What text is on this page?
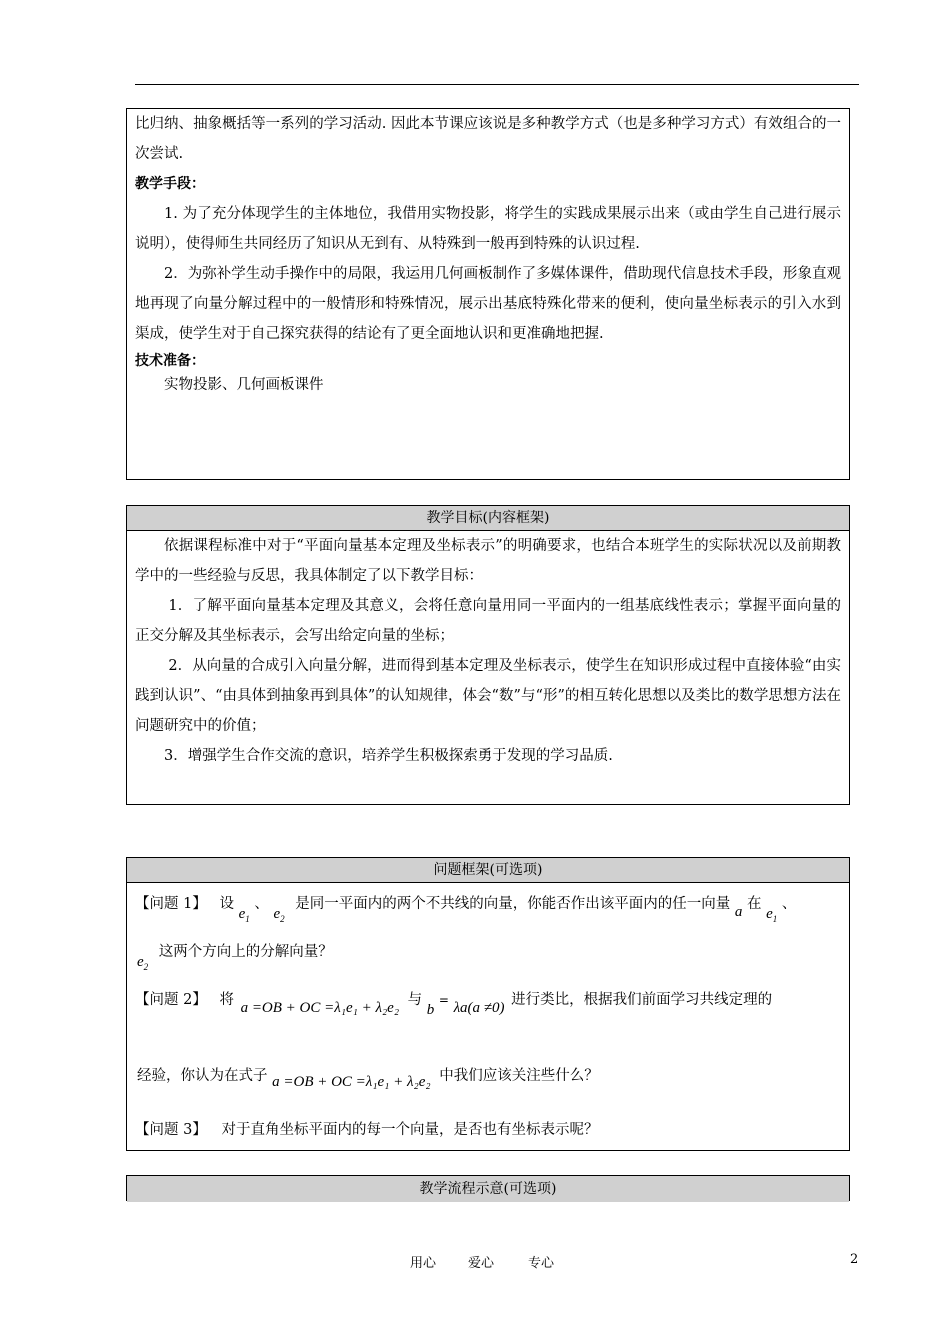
比归纳、抽象概括等一系列的学习活动. 因此本节课应该说是多种教学方式（也是多种学习方式）有效组合的一次尝试.

教学手段：

1. 为了充分体现学生的主体地位，我借用实物投影，将学生的实践成果展示出来（或由学生自己进行展示说明），使得师生共同经历了知识从无到有、从特殊到一般再到特殊的认识过程.

2．为弥补学生动手操作中的局限，我运用几何画板制作了多媒体课件，借助现代信息技术手段，形象直观地再现了向量分解过程中的一般情形和特殊情况，展示出基底特殊化带来的便利，使向量坐标表示的引入水到渠成，使学生对于自己探究获得的结论有了更全面地认识和更准确地把握.

技术准备：

实物投影、几何画板课件

教学目标(内容框架)

依据课程标准中对于“平面向量基本定理及坐标表示”的明确要求，也结合本班学生的实际状况以及前期教学中的一些经验与反思，我具体制定了以下教学目标：

1．了解平面向量基本定理及其意义，会将任意向量用同一平面内的一组基底线性表示；掌握平面向量的正交分解及其坐标表示，会写出给定向量的坐标；

2．从向量的合成引入向量分解，进而得到基本定理及坐标表示，使学生在知识形成过程中直接体验“由实践到认识”、“由具体到抽象再到具体”的认知规律，体会“数”与“形”的相互转化思想以及类比的数学思想方法在问题研究中的价值；

3．增强学生合作交流的意识，培养学生积极探索勇于发现的学习品质.

问题框架(可选项)
【问题 1】 设 $e_1$ 、 $e_2$ 是同一平面内的两个不共线的向量，你能否作出该平面内的任一向量 a 在 $e_1$ 、
$e_2$ 这两个方向上的分解向量？
【问题 2】 将 a =OB + OC =λ₁e₁ + λ₂e₂ 与 b = λa(a ≠0) 进行类比，根据我们前面学习共线定理的
经验，你认为在式子 a =OB + OC =λ₁e₁ + λ₂e₂ 中我们应该关注些什么？
【问题 3】 对于直角坐标平面内的每一个向量，是否也有坐标表示呢？
教学流程示意(可选项)
用心 爱心	专心	2
